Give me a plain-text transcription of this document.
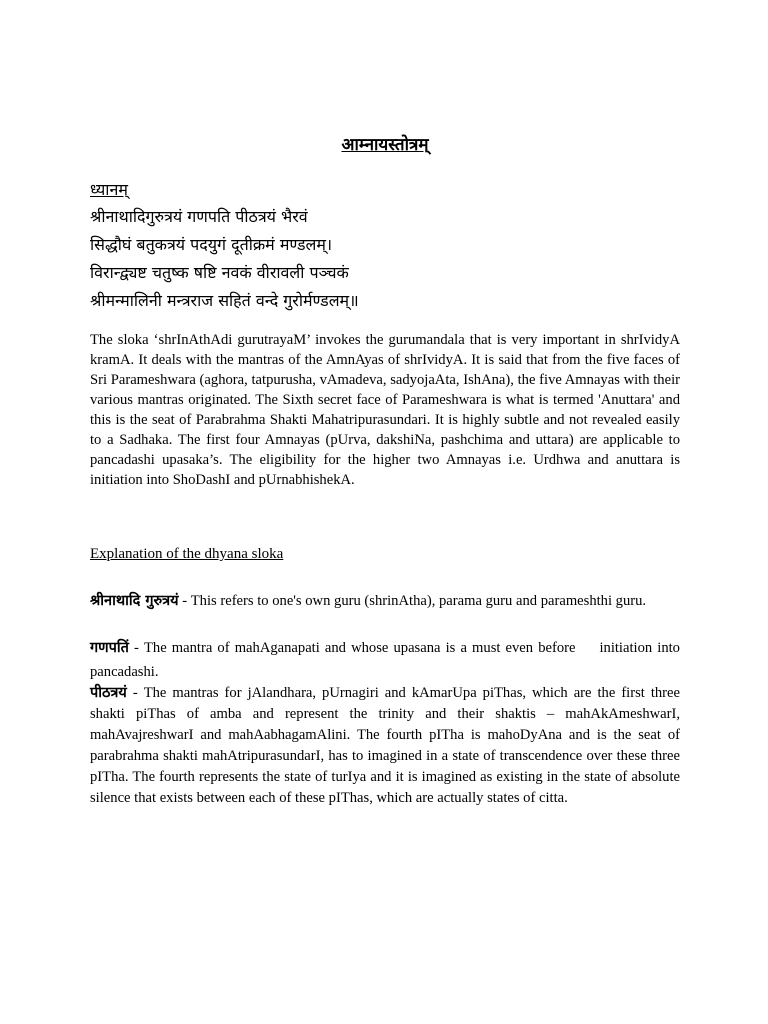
आम्नायस्तोत्रम्
ध्यानम्
श्रीनाथादिगुरुत्रयं गणपति पीठत्रयं भैरवं
सिद्धौघं बतुकत्रयं पदयुगं दूतीक्रमं मण्डलम्।
विरान्द्व्यष्ट चतुष्क षष्टि नवकं वीरावली पञ्चकं
श्रीमन्मालिनी मन्त्रराज सहितं वन्दे गुरोर्मण्डलम्॥
The sloka ‘shrInAthAdi gurutrayaM’ invokes the gurumandala that is very important in shrIvidyA kramA. It deals with the mantras of the AmnAyas of shrIvidyA. It is said that from the five faces of Sri Parameshwara (aghora, tatpurusha, vAmadeva, sadyojaAta, IshAna), the five Amnayas with their various mantras originated. The Sixth secret face of Parameshwara is what is termed 'Anuttara' and this is the seat of Parabrahma Shakti Mahatripurasundari. It is highly subtle and not revealed easily to a Sadhaka. The first four Amnayas (pUrva, dakshiNa, pashchima and uttara) are applicable to pancadashi upasaka’s. The eligibility for the higher two Amnayas i.e. Urdhwa and anuttara is initiation into ShoDashI and pUrnabhishekA.
Explanation of the dhyana sloka
श्रीनाथादि गुरुत्रयं - This refers to one's own guru (shrinAtha), parama guru and parameshthi guru.
गणपतिं - The mantra of mahAganapati and whose upasana is a must even before initiation into pancadashi.
पीठत्रयं - The mantras for jAlandhara, pUrnagiri and kAmarUpa piThas, which are the first three shakti piThas of amba and represent the trinity and their shaktis – mahAkAmeshwarI, mahAvajreshwarI and mahAabhagamAlini. The fourth pITha is mahoDyAna and is the seat of parabrahma shakti mahAtripurasundarI, has to imagined in a state of transcendence over these three pITha. The fourth represents the state of turIya and it is imagined as existing in the state of absolute silence that exists between each of these pIThas, which are actually states of citta.
